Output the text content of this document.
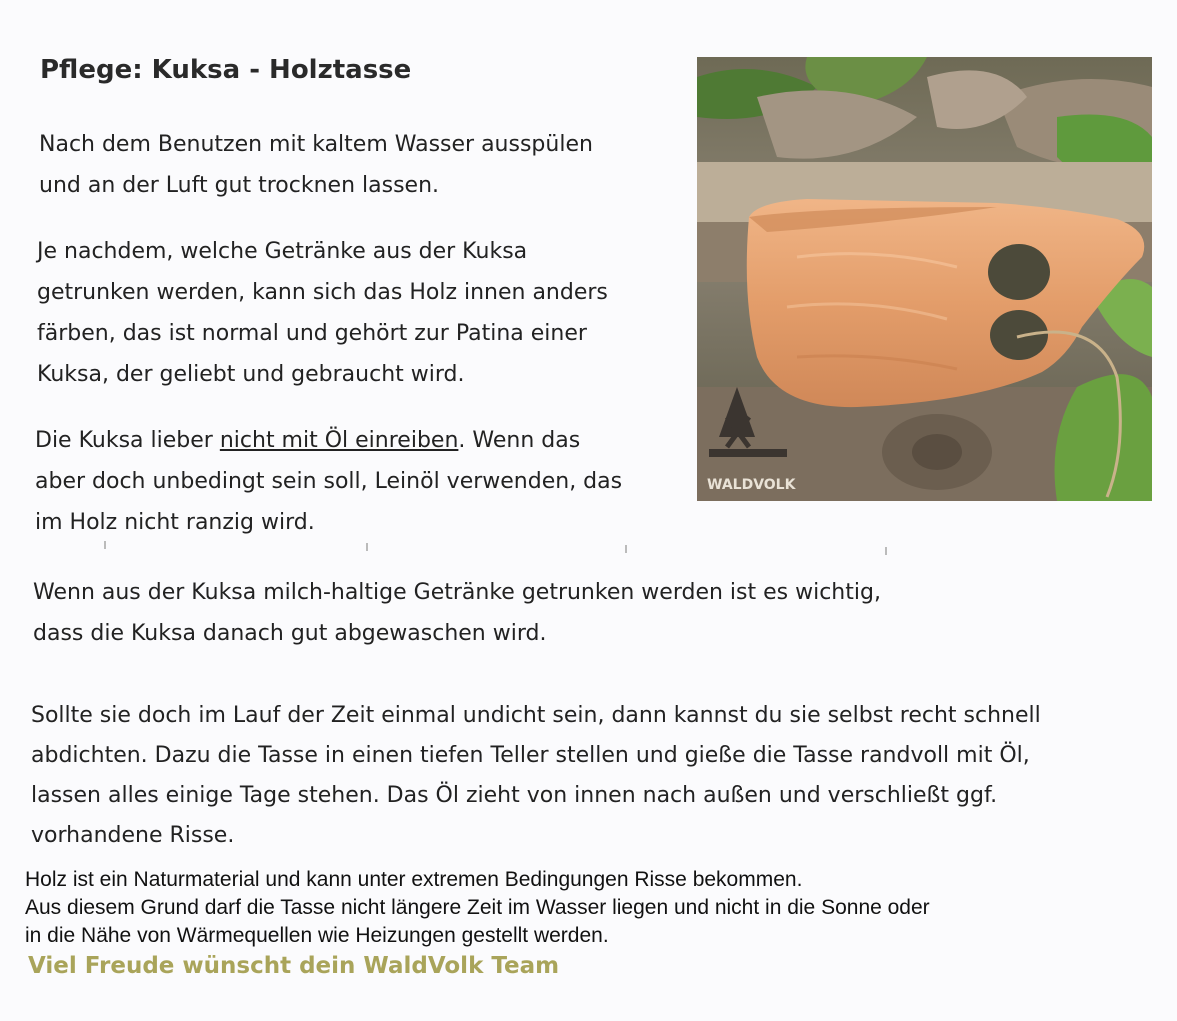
Pflege: Kuksa - Holztasse
Nach dem Benutzen mit kaltem Wasser ausspülen
und an der Luft gut trocknen lassen.
Je nachdem, welche Getränke aus der Kuksa
getrunken werden, kann sich das Holz innen anders
färben, das ist normal und gehört zur Patina einer
Kuksa, der geliebt und gebraucht wird.
Die Kuksa lieber nicht mit Öl einreiben. Wenn das
aber doch unbedingt sein soll, Leinöl verwenden, das
im Holz nicht ranzig wird.
Wenn aus der Kuksa milch-haltige Getränke getrunken werden ist es wichtig,
dass die Kuksa danach gut abgewaschen wird.
Sollte sie doch im Lauf der Zeit einmal undicht sein, dann kannst du sie selbst recht schnell
abdichten. Dazu die Tasse in einen tiefen Teller stellen und gieße die Tasse randvoll mit Öl,
lassen alles einige Tage stehen. Das Öl zieht von innen nach außen und verschließt ggf.
vorhandene Risse.
Holz ist ein Naturmaterial und kann unter extremen Bedingungen Risse bekommen.
Aus diesem Grund darf die Tasse nicht längere Zeit im Wasser liegen und nicht in die Sonne oder
in die Nähe von Wärmequellen wie Heizungen gestellt werden.
Viel Freude wünscht dein WaldVolk Team
WALDVOLK
